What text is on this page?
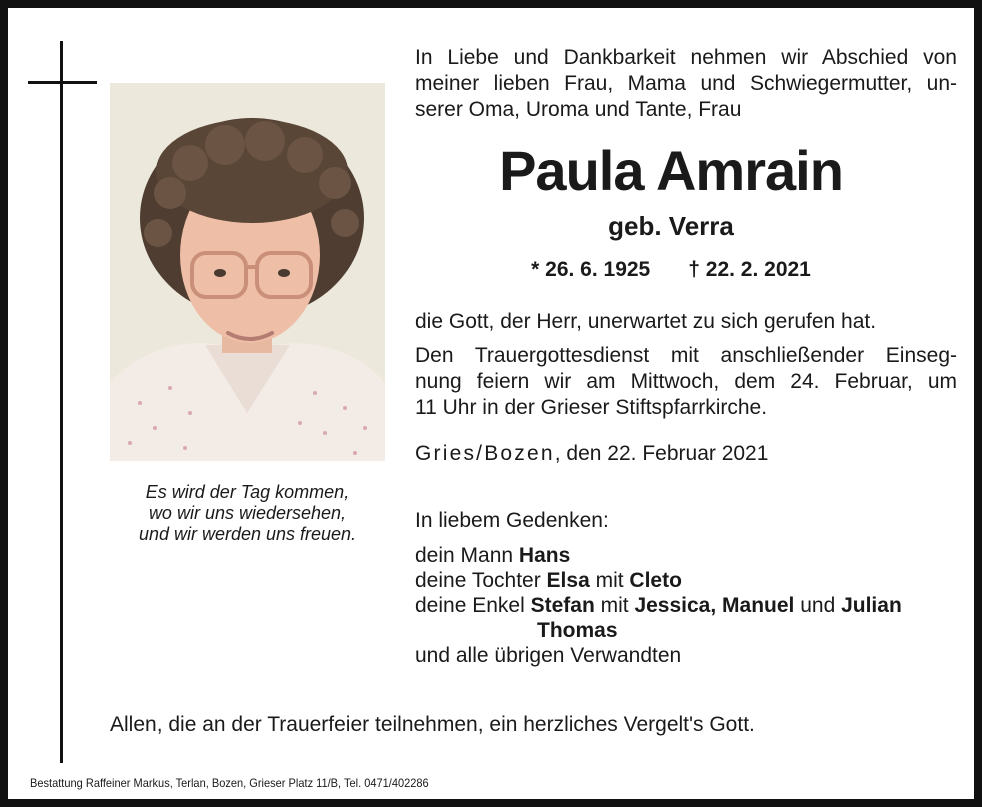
Es wird der Tag kommen,
wo wir uns wiedersehen,
und wir werden uns freuen.
In Liebe und Dankbarkeit nehmen wir Abschied von
meiner lieben Frau, Mama und Schwiegermutter, un-
serer Oma, Uroma und Tante, Frau
Paula Amrain
geb. Verra
* 26. 6. 1925 † 22. 2. 2021
die Gott, der Herr, unerwartet zu sich gerufen hat.
Den Trauergottesdienst mit anschließender Einseg-
nung feiern wir am Mittwoch, dem 24. Februar, um
11 Uhr in der Grieser Stiftspfarrkirche.
Gries/Bozen, den 22. Februar 2021
In liebem Gedenken:
dein Mann Hans
deine Tochter Elsa mit Cleto
deine Enkel Stefan mit Jessica, Manuel und Julian
Thomas
und alle übrigen Verwandten
Allen, die an der Trauerfeier teilnehmen, ein herzliches Vergelt's Gott.
Bestattung Raffeiner Markus, Terlan, Bozen, Grieser Platz 11/B, Tel. 0471/402286
